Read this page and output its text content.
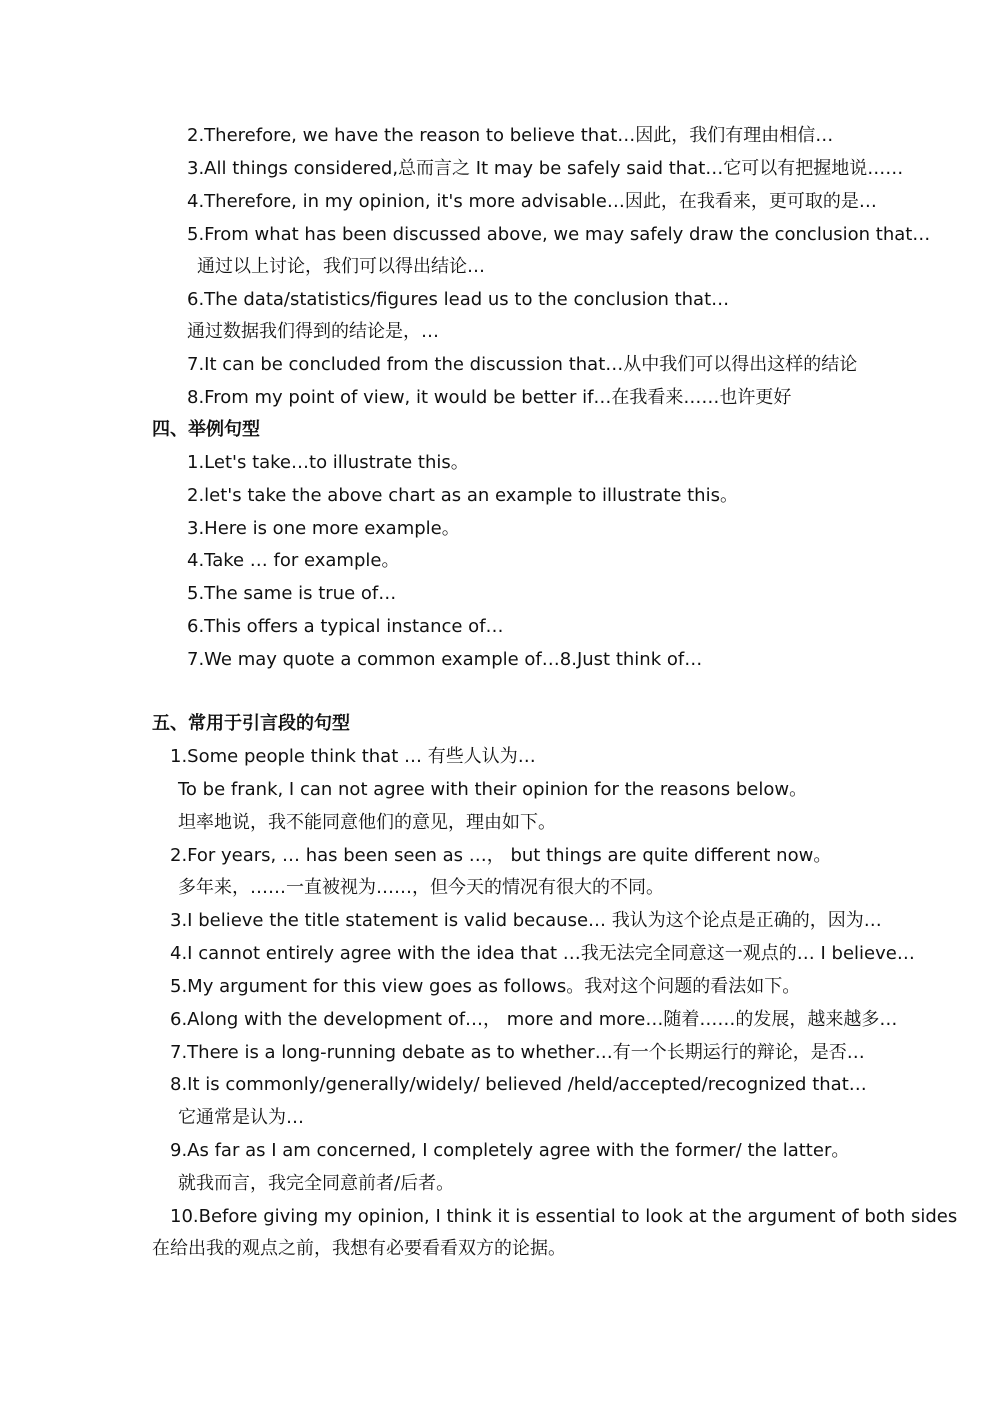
2.Therefore, we have the reason to believe that…因此，我们有理由相信…
3.All things considered,总而言之 It may be safely said that…它可以有把握地说……
4.Therefore, in my opinion, it's more advisable…因此，在我看来，更可取的是…
5.From what has been discussed above, we may safely draw the conclusion that…
通过以上讨论，我们可以得出结论…
6.The data/statistics/figures lead us to the conclusion that…
通过数据我们得到的结论是，…
7.It can be concluded from the discussion that…从中我们可以得出这样的结论
8.From my point of view, it would be better if…在我看来……也许更好
四、举例句型
1.Let's take…to illustrate this。
2.let's take the above chart as an example to illustrate this。
3.Here is one more example。
4.Take … for example。
5.The same is true of…
6.This offers a typical instance of…
7.We may quote a common example of…8.Just think of…
五、常用于引言段的句型
1.Some people think that … 有些人认为…
To be frank, I can not agree with their opinion for the reasons below。
坦率地说，我不能同意他们的意见，理由如下。
2.For years, … has been seen as …， but things are quite different now。
多年来，……一直被视为……，但今天的情况有很大的不同。
3.I believe the title statement is valid because… 我认为这个论点是正确的，因为…
4.I cannot entirely agree with the idea that …我无法完全同意这一观点的… I believe…
5.My argument for this view goes as follows。我对这个问题的看法如下。
6.Along with the development of…， more and more…随着……的发展，越来越多…
7.There is a long-running debate as to whether…有一个长期运行的辩论，是否…
8.It is commonly/generally/widely/ believed /held/accepted/recognized that…
它通常是认为…
9.As far as I am concerned, I completely agree with the former/ the latter。
就我而言，我完全同意前者/后者。
10.Before giving my opinion, I think it is essential to look at the argument of both sides
在给出我的观点之前，我想有必要看看双方的论据。
